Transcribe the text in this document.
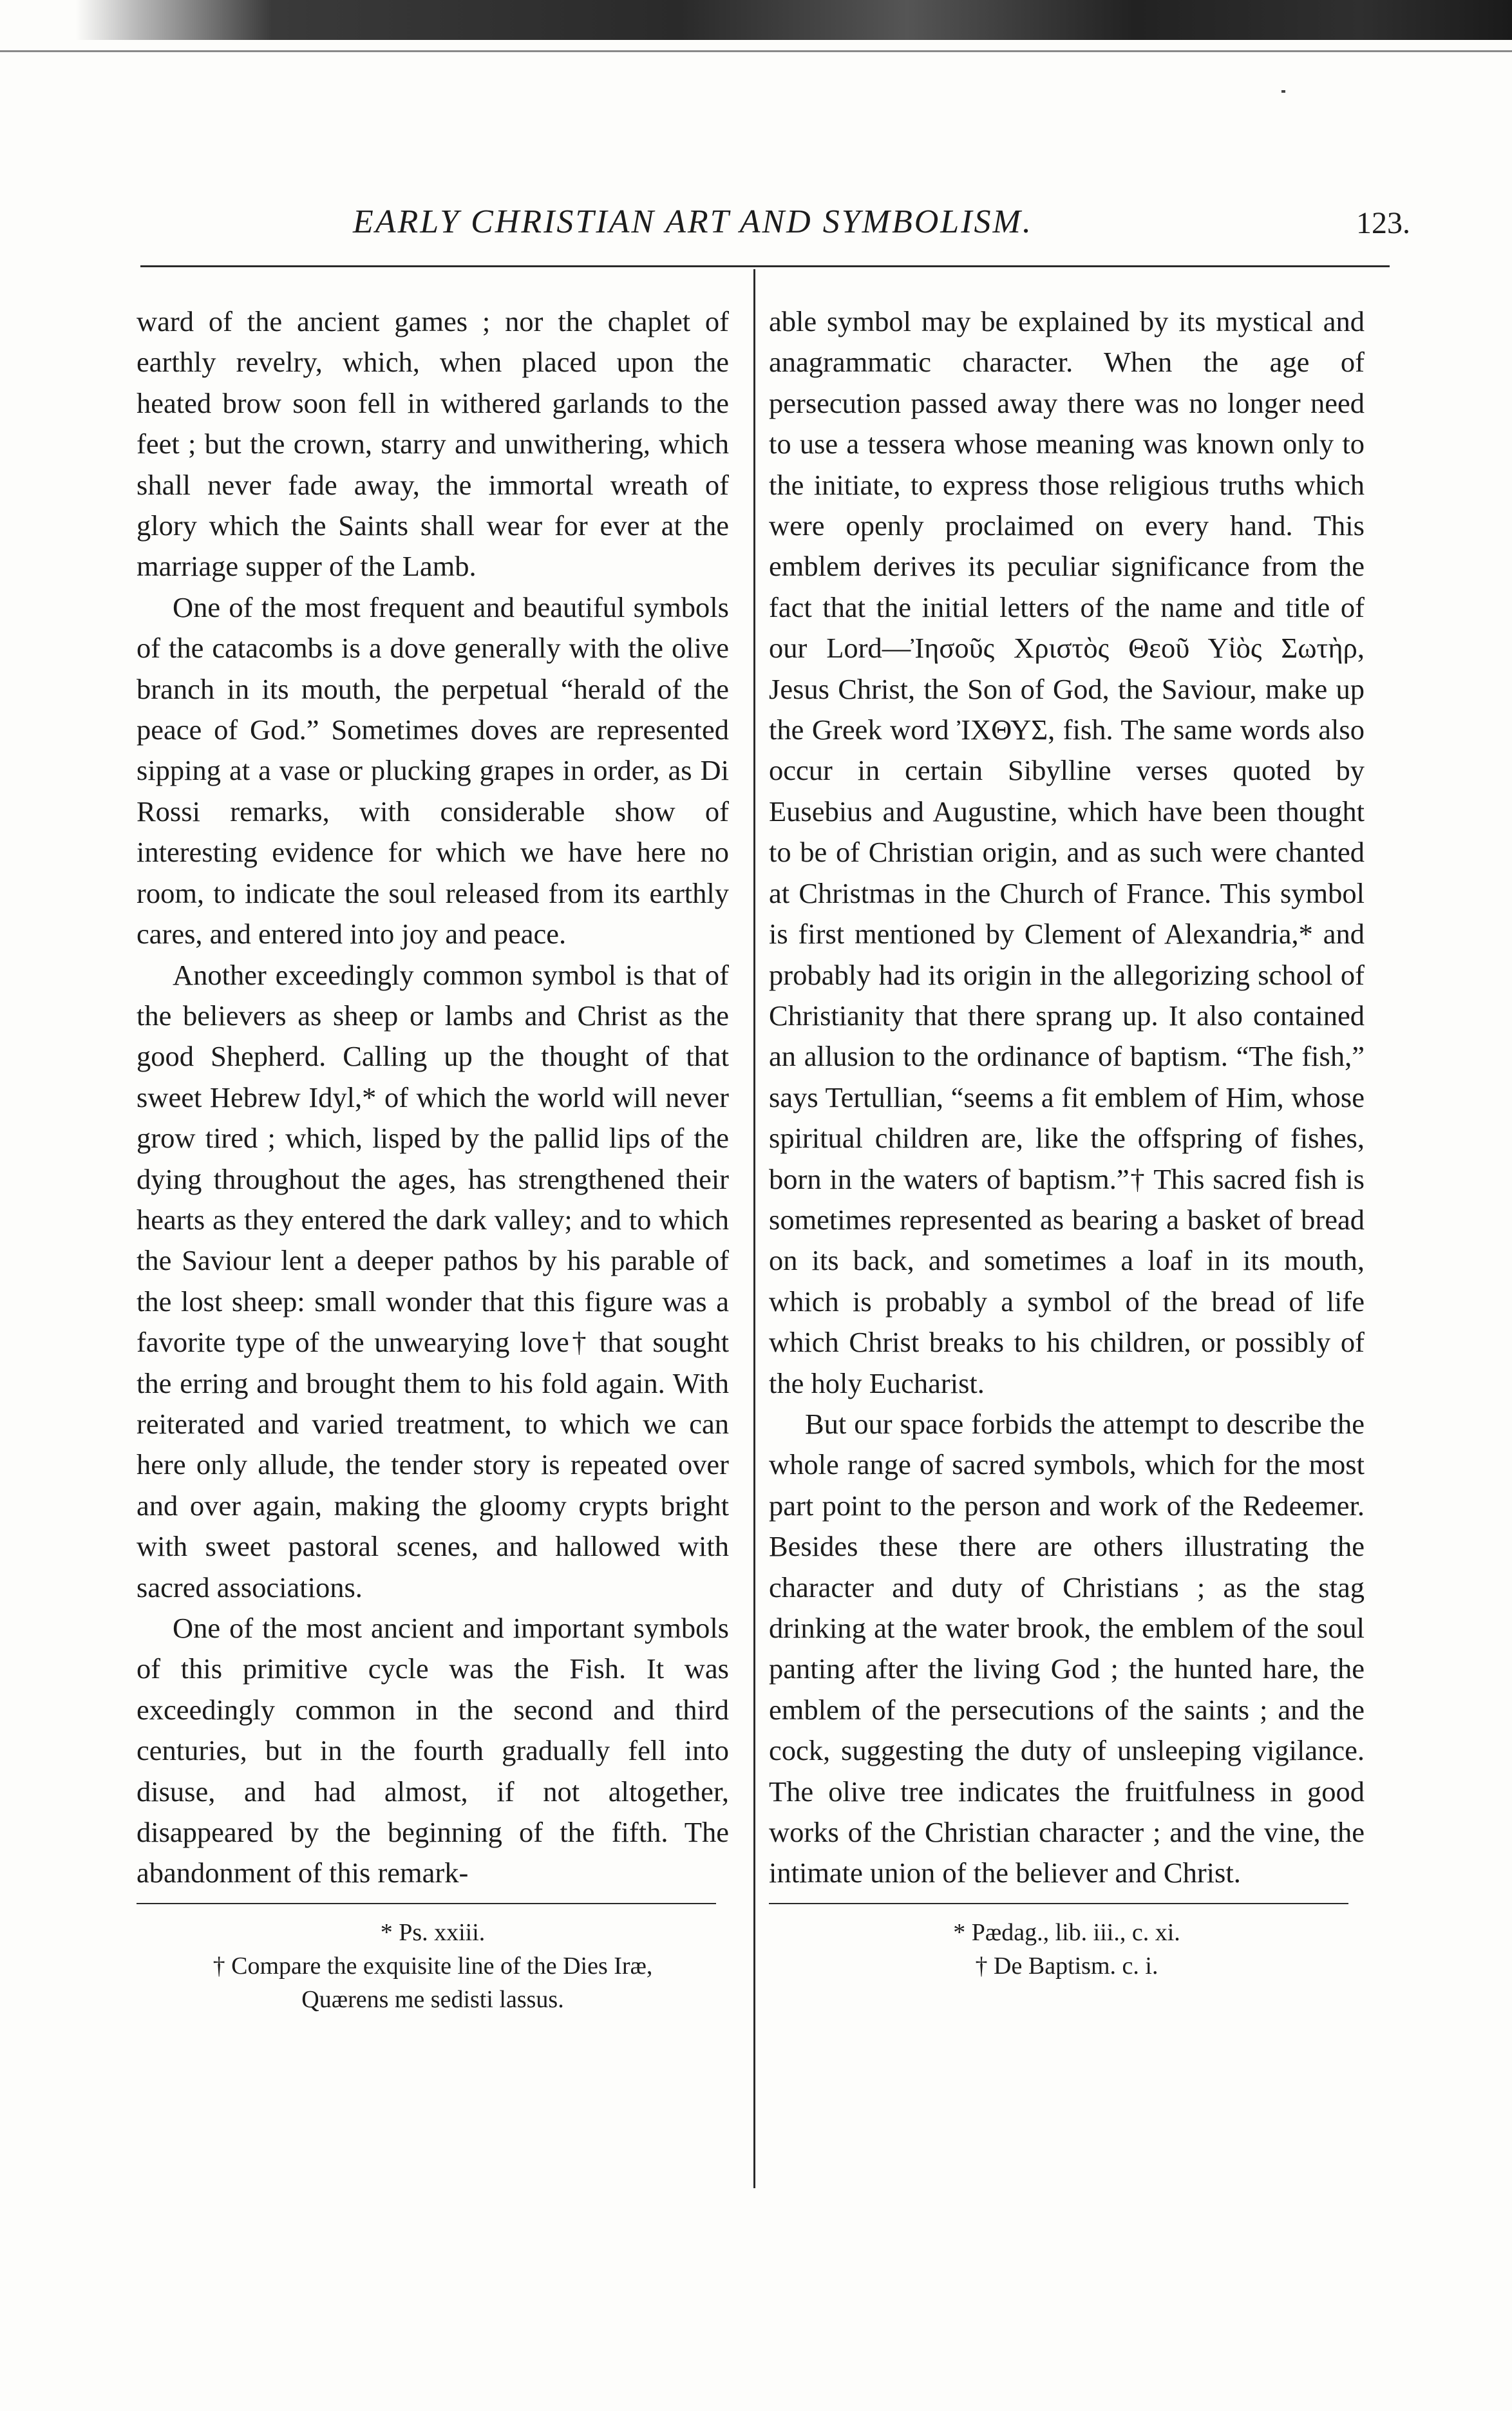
EARLY CHRISTIAN ART AND SYMBOLISM.	123.

ward of the ancient games ; nor the chaplet of earthly revelry, which, when placed upon the heated brow soon fell in withered garlands to the feet ; but the crown, starry and unwithering, which shall never fade away, the immortal wreath of glory which the Saints shall wear for ever at the marriage supper of the Lamb.

One of the most frequent and beautiful symbols of the catacombs is a dove generally with the olive branch in its mouth, the perpetual “herald of the peace of God.” Sometimes doves are represented sipping at a vase or plucking grapes in order, as Di Rossi remarks, with considerable show of interesting evidence for which we have here no room, to indicate the soul released from its earthly cares, and entered into joy and peace.

Another exceedingly common symbol is that of the believers as sheep or lambs and Christ as the good Shepherd. Calling up the thought of that sweet Hebrew Idyl,* of which the world will never grow tired ; which, lisped by the pallid lips of the dying throughout the ages, has strengthened their hearts as they entered the dark valley; and to which the Saviour lent a deeper pathos by his parable of the lost sheep: small wonder that this figure was a favorite type of the unwearying love† that sought the erring and brought them to his fold again. With reiterated and varied treatment, to which we can here only allude, the tender story is repeated over and over again, making the gloomy crypts bright with sweet pastoral scenes, and hallowed with sacred associations.

One of the most ancient and important symbols of this primitive cycle was the Fish. It was exceedingly common in the second and third centuries, but in the fourth gradually fell into disuse, and had almost, if not altogether, disappeared by the beginning of the fifth. The abandonment of this remark-

* Ps. xxiii.

† Compare the exquisite line of the Dies Iræ,

Quærens me sedisti lassus.

able symbol may be explained by its mystical and anagrammatic character. When the age of persecution passed away there was no longer need to use a tessera whose meaning was known only to the initiate, to express those religious truths which were openly proclaimed on every hand. This emblem derives its peculiar significance from the fact that the initial letters of the name and title of our Lord—Ἰησοῦς Χριστὸς Θεοῦ Υἱὸς Σωτὴρ, Jesus Christ, the Son of God, the Saviour, make up the Greek word ἸΧΘΥΣ, fish. The same words also occur in certain Sibylline verses quoted by Eusebius and Augustine, which have been thought to be of Christian origin, and as such were chanted at Christmas in the Church of France. This symbol is first mentioned by Clement of Alexandria,* and probably had its origin in the allegorizing school of Christianity that there sprang up. It also contained an allusion to the ordinance of baptism. “The fish,” says Tertullian, “seems a fit emblem of Him, whose spiritual children are, like the offspring of fishes, born in the waters of baptism.”† This sacred fish is sometimes represented as bearing a basket of bread on its back, and sometimes a loaf in its mouth, which is probably a symbol of the bread of life which Christ breaks to his children, or possibly of the holy Eucharist.

But our space forbids the attempt to describe the whole range of sacred symbols, which for the most part point to the person and work of the Redeemer. Besides these there are others illustrating the character and duty of Christians ; as the stag drinking at the water brook, the emblem of the soul panting after the living God ; the hunted hare, the emblem of the persecutions of the saints ; and the cock, suggesting the duty of unsleeping vigilance. The olive tree indicates the fruitfulness in good works of the Christian character ; and the vine, the intimate union of the believer and Christ.

* Pædag., lib. iii., c. xi.

† De Baptism. c. i.
